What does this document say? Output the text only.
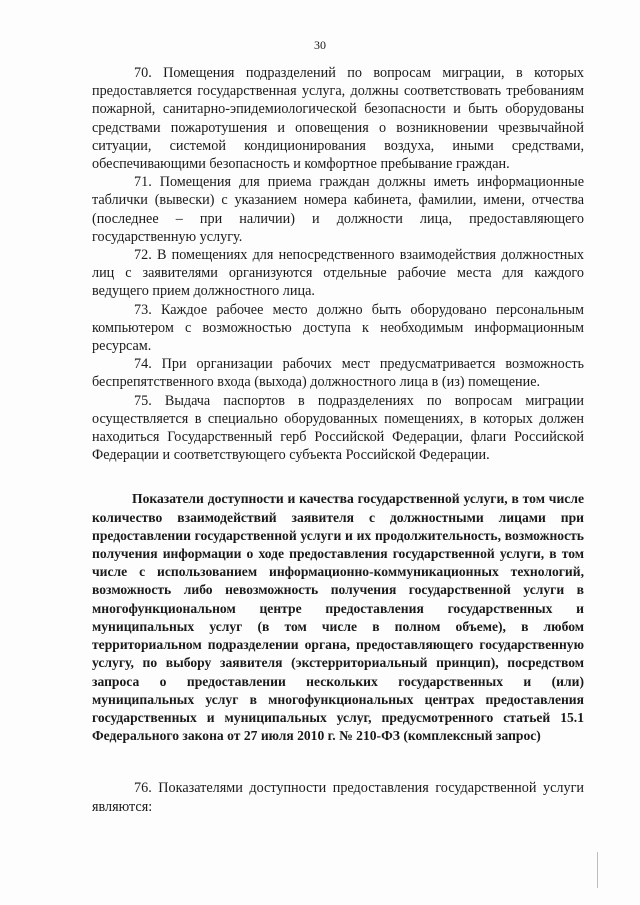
30

70. Помещения подразделений по вопросам миграции, в которых предоставляется государственная услуга, должны соответствовать требованиям пожарной, санитарно-эпидемиологической безопасности и быть оборудованы средствами пожаротушения и оповещения о возникновении чрезвычайной ситуации, системой кондиционирования воздуха, иными средствами, обеспечивающими безопасность и комфортное пребывание граждан.

71. Помещения для приема граждан должны иметь информационные таблички (вывески) с указанием номера кабинета, фамилии, имени, отчества (последнее – при наличии) и должности лица, предоставляющего государственную услугу.

72. В помещениях для непосредственного взаимодействия должностных лиц с заявителями организуются отдельные рабочие места для каждого ведущего прием должностного лица.

73. Каждое рабочее место должно быть оборудовано персональным компьютером с возможностью доступа к необходимым информационным ресурсам.

74. При организации рабочих мест предусматривается возможность беспрепятственного входа (выхода) должностного лица в (из) помещение.

75. Выдача паспортов в подразделениях по вопросам миграции осуществляется в специально оборудованных помещениях, в которых должен находиться Государственный герб Российской Федерации, флаги Российской Федерации и соответствующего субъекта Российской Федерации.

Показатели доступности и качества государственной услуги, в том числе количество взаимодействий заявителя с должностными лицами при предоставлении государственной услуги и их продолжительность, возможность получения информации о ходе предоставления государственной услуги, в том числе с использованием информационно-коммуникационных технологий, возможность либо невозможность получения государственной услуги в многофункциональном центре предоставления государственных и муниципальных услуг (в том числе в полном объеме), в любом территориальном подразделении органа, предоставляющего государственную услугу, по выбору заявителя (экстерриториальный принцип), посредством запроса о предоставлении нескольких государственных и (или) муниципальных услуг в многофункциональных центрах предоставления государственных и муниципальных услуг, предусмотренного статьей 15.1 Федерального закона от 27 июля 2010 г. № 210-ФЗ (комплексный запрос)

76. Показателями доступности предоставления государственной услуги являются:
